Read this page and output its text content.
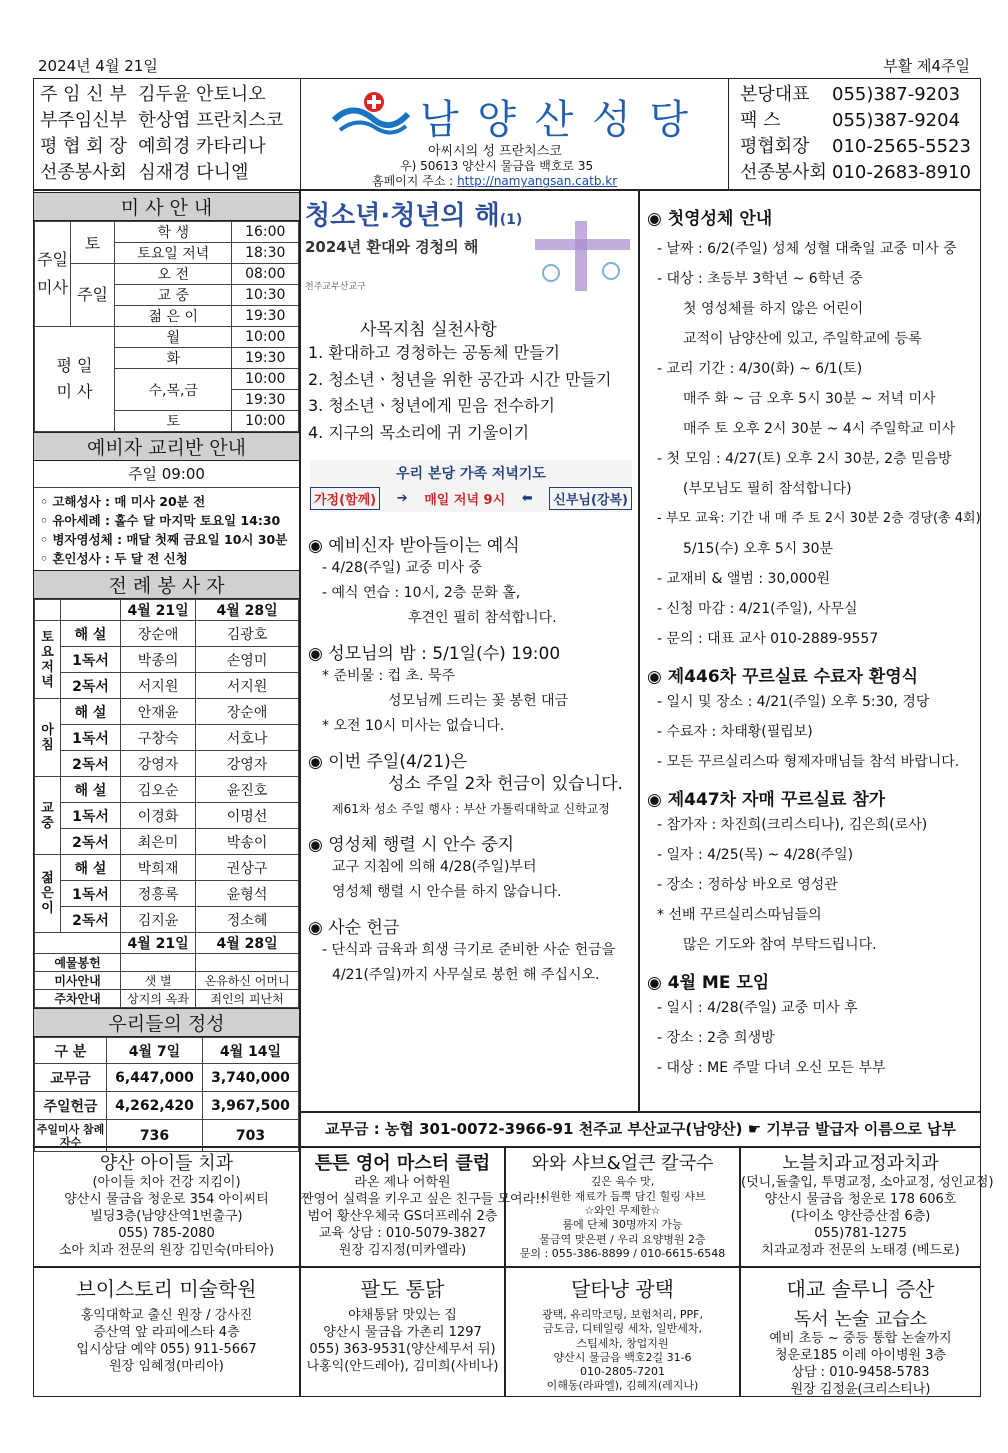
2024년 4월 21일	부활 제4주일
주 임 신 부 김두윤 안토니오
부주임신부 한상엽 프란치스코
평 협 회 장 예희경 카타리나
선종봉사회 심재경 다니엘
남 양 산 성 당
아씨시의 성 프란치스코
우) 50613 양산시 물금읍 백호로 35
홈페이지 주소 : http://namyangsan.catb.kr
본당대표 055)387-9203
팩 스	055)387-9204
평협회장 010-2565-5523
선종봉사회 010-2683-8910
미 사 안 내
주일미사	토	학 생	16:00
		토요일 저녁	18:30
	주일	오 전	08:00
		교 중	10:30
		젊 은 이	19:30
평 일 미 사		월	10:00
		화	19:30
		수,목,금	10:00
			19:30
		토	10:00
예비자 교리반 안내
주일 09:00
◦ 고해성사 : 매 미사 20분 전
◦ 유아세례 : 홀수 달 마지막 토요일 14:30
◦ 병자영성체 : 매달 첫째 금요일 10시 30분
◦ 혼인성사 : 두 달 전 신청
전 례 봉 사 자
		4월 21일	4월 28일
토요저녁	해 설	장순애	김광호
	1독서	박종의	손영미
	2독서	서지원	서지원
아침	해 설	안재윤	장순애
	1독서	구창숙	서호나
	2독서	강영자	강영자
교중	해 설	김오순	윤진호
	1독서	이경화	이명선
	2독서	최은미	박송이
젊은이	해 설	박희재	권상구
	1독서	정흥록	윤형석
	2독서	김지윤	정소혜
		4월 21일	4월 28일
예물봉헌			
미사안내		샛 별	온유하신 어머니
주차안내		상지의 옥좌	죄인의 피난처
우리들의 정성
구 분	4월 7일	4월 14일
교무금	6,447,000	3,740,000
주일헌금	4,262,420	3,967,500
주일미사 참례자수	736	703
청소년·청년의 해(1)
2024년 환대와 경청의 해
천주교부산교구
사목지침 실천사항
1. 환대하고 경청하는 공동체 만들기
2. 청소년ㆍ청년을 위한 공간과 시간 만들기
3. 청소년ㆍ청년에게 믿음 전수하기
4. 지구의 목소리에 귀 기울이기
우리 본당 가족 저녁기도
가정(함께)	➔ 매일 저녁 9시 ⬅	신부님(강복)
◉ 예비신자 받아들이는 예식

- 4/28(주일) 교중 미사 중

- 예식 연습 : 10시, 2층 문화 홀,

후견인 필히 참석합니다.

◉ 성모님의 밤 : 5/1일(수) 19:00

* 준비물 : 컵 초. 묵주

성모님께 드리는 꽃 봉헌 대금

* 오전 10시 미사는 없습니다.

◉ 이번 주일(4/21)은

성소 주일 2차 헌금이 있습니다.

제61차 성소 주일 행사 : 부산 가톨릭대학교 신학교정

◉ 영성체 행렬 시 안수 중지

교구 지침에 의해 4/28(주일)부터

영성체 행렬 시 안수를 하지 않습니다.

◉ 사순 헌금

- 단식과 금육과 희생 극기로 준비한 사순 헌금을

4/21(주일)까지 사무실로 봉헌 해 주십시오.

◉ 첫영성체 안내

- 날짜 : 6/2(주일) 성체 성혈 대축일 교중 미사 중

- 대상 : 초등부 3학년 ~ 6학년 중

첫 영성체를 하지 않은 어린이

교적이 남양산에 있고, 주일학교에 등록

- 교리 기간 : 4/30(화) ~ 6/1(토)

매주 화 ~ 금 오후 5시 30분 ~ 저녁 미사

매주 토 오후 2시 30분 ~ 4시 주일학교 미사

- 첫 모임 : 4/27(토) 오후 2시 30분, 2층 믿음방

(부모님도 필히 참석합니다)

- 부모 교육: 기간 내 매 주 토 2시 30분 2층 경당(총 4회)

5/15(수) 오후 5시 30분

- 교재비 & 앨범 : 30,000원

- 신청 마감 : 4/21(주일), 사무실

- 문의 : 대표 교사 010-2889-9557

◉ 제446차 꾸르실료 수료자 환영식

- 일시 및 장소 : 4/21(주일) 오후 5:30, 경당

- 수료자 : 차태황(필립보)

- 모든 꾸르실리스따 형제자매님들 참석 바랍니다.

◉ 제447차 자매 꾸르실료 참가

- 참가자 : 차진희(크리스티나), 김은희(로사)

- 일자 : 4/25(목) ~ 4/28(주일)

- 장소 : 정하상 바오로 영성관

* 선배 꾸르실리스따님들의

많은 기도와 참여 부탁드립니다.

◉ 4월 ME 모임

- 일시 : 4/28(주일) 교중 미사 후

- 장소 : 2층 희생방

- 대상 : ME 주말 다녀 오신 모든 부부

교무금 : 농협 301-0072-3966-91 천주교 부산교구(남양산) ☛ 기부금 발급자 이름으로 납부

양산 아이들 치과

(아이들 치아 건강 지킴이)

양산시 물금읍 청운로 354 아이씨티

빌딩3층(남양산역1번출구)

055) 785-2080

소아 치과 전문의 원장 김민숙(마티아)

튼튼 영어 마스터 클럽

라온 제나 어학원

짠영어 실력을 키우고 싶은 친구들 모여라!!

범어 황산우체국 GS더프레쉬 2층

교육 상담 : 010-5079-3827

원장 김지정(미카엘라)

와와 샤브&얼큰 칼국수

깊은 육수 맛,

시원한 재료가 듬뿍 담긴 힐링 샤브

☆와인 무제한☆

룸에 단체 30명까지 가능

물금역 맞은편 / 우리 요양병원 2층

문의 : 055-386-8899 / 010-6615-6548

노블치과교정과치과

(덧니,돌출입, 투명교정, 소아교정, 성인교정)

양산시 물금읍 청운로 178 606호

(다이소 양산증산점 6층)

055)781-1275

치과교정과 전문의 노태경 (베드로)

브이스토리 미술학원

홍익대학교 출신 원장 / 강사진

증산역 앞 라피에스타 4층

입시상담 예약 055) 911-5667

원장 임혜정(마리아)

팔도 통닭

야채통닭 맛있는 집

양산시 물금읍 가촌리 1297

055) 363-9531(양산세무서 뒤)

나홍익(안드레아), 김미희(사비나)

달타냥 광택

광택, 유리막코팅, 보험처리, PPF,

금도금, 디테일링 세차, 일반세차,

스팀세차, 창업지원

양산시 물금읍 백호2길 31-6

010-2805-7201

이해동(라파엘), 김혜지(레지나)

대교 솔루니 증산

독서 논술 교습소

예비 초등 ~ 중등 통합 논술까지

청운로185 이레 아이병원 3층

상담 : 010-9458-5783

원장 김정윤(크리스티나)
